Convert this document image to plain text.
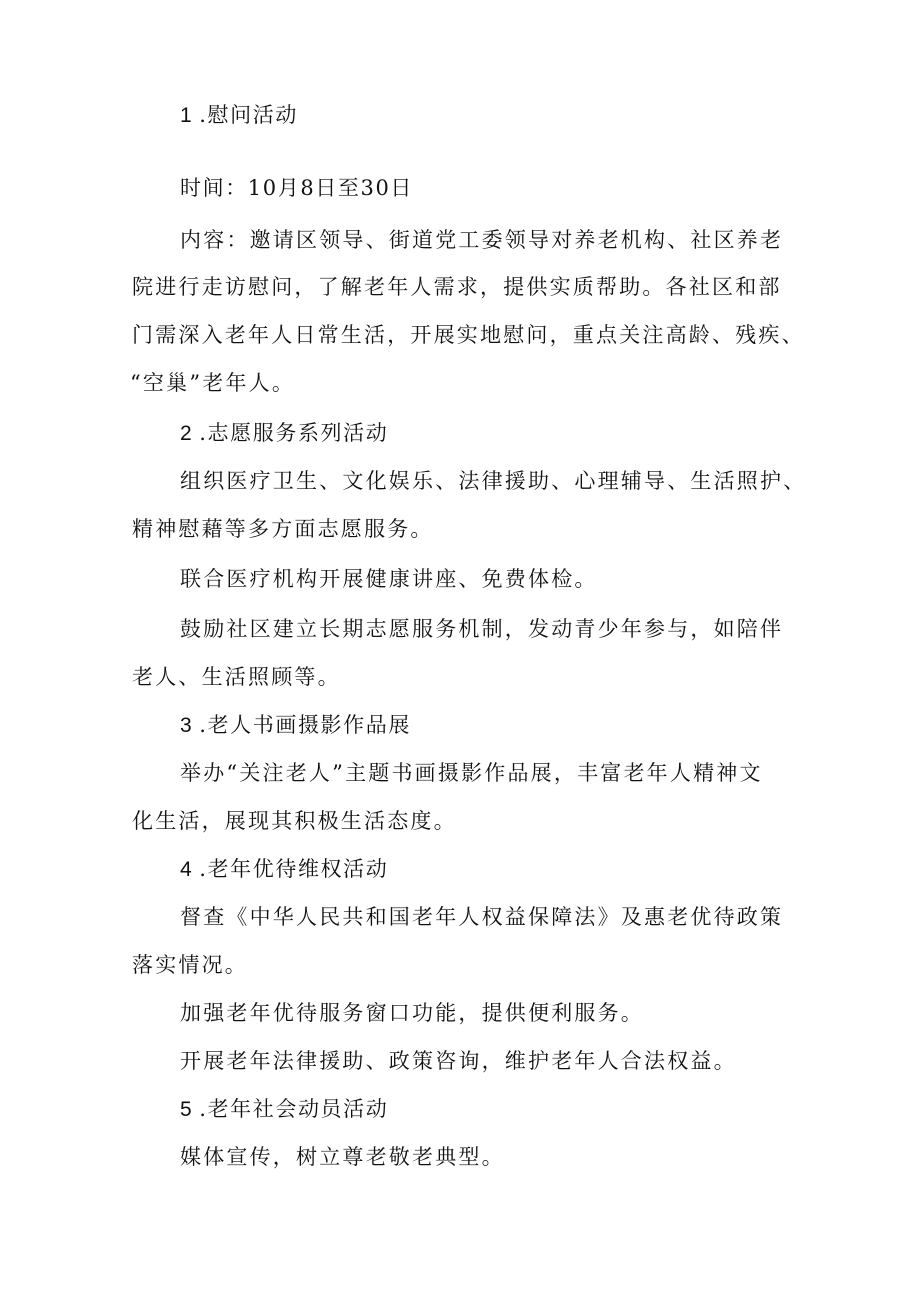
1 .慰问活动
时间：10月8日至30日
内容：邀请区领导、街道党工委领导对养老机构、社区养老
院进行走访慰问，了解老年人需求，提供实质帮助。各社区和部
门需深入老年人日常生活，开展实地慰问，重点关注高龄、残疾、
“空巢”老年人。
2 .志愿服务系列活动
组织医疗卫生、文化娱乐、法律援助、心理辅导、生活照护、
精神慰藉等多方面志愿服务。
联合医疗机构开展健康讲座、免费体检。
鼓励社区建立长期志愿服务机制，发动青少年参与，如陪伴
老人、生活照顾等。
3 .老人书画摄影作品展
举办“关注老人”主题书画摄影作品展，丰富老年人精神文
化生活，展现其积极生活态度。
4 .老年优待维权活动
督查《中华人民共和国老年人权益保障法》及惠老优待政策
落实情况。
加强老年优待服务窗口功能，提供便利服务。
开展老年法律援助、政策咨询，维护老年人合法权益。
5 .老年社会动员活动
媒体宣传，树立尊老敬老典型。
